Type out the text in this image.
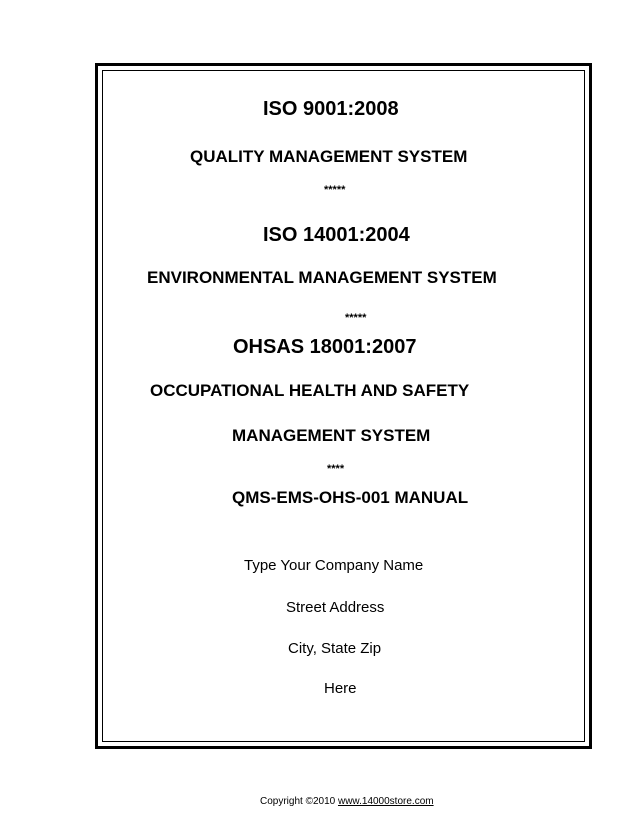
ISO 9001:2008
QUALITY MANAGEMENT SYSTEM
*****
ISO 14001:2004
ENVIRONMENTAL MANAGEMENT SYSTEM
*****
OHSAS 18001:2007
OCCUPATIONAL HEALTH AND SAFETY
MANAGEMENT SYSTEM
****
QMS-EMS-OHS-001 MANUAL
Type Your Company Name
Street Address
City, State Zip
Here
Copyright ©2010 www.14000store.com
